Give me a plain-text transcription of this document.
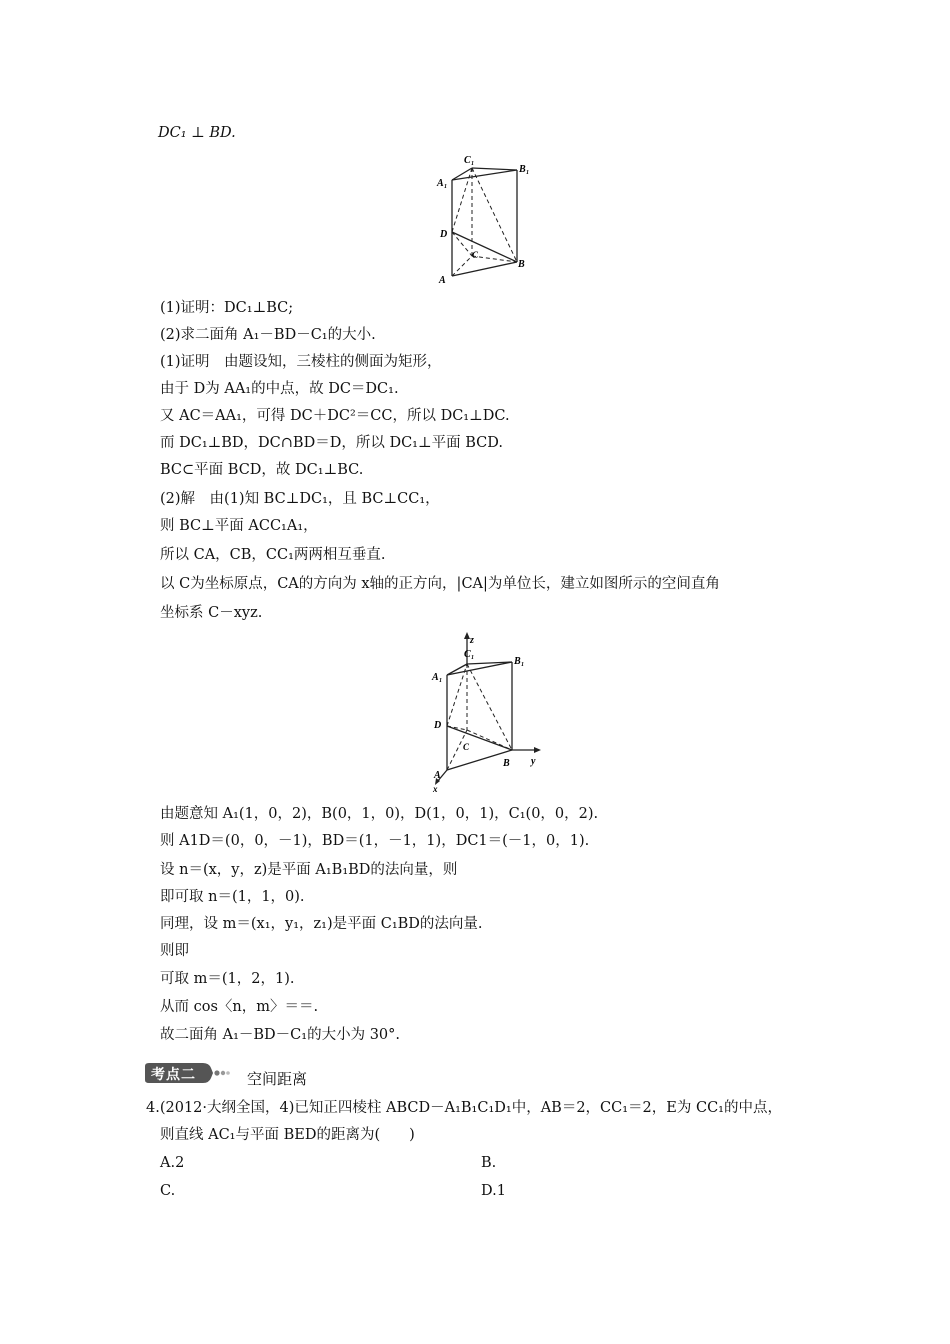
DC₁ ⊥ BD.
C 1	B 1
A 1
D
C
B
A
(1)证明：DC₁⊥BC;
(2)求二面角 A₁－BD－C₁的大小.
(1)证明　由题设知，三棱柱的侧面为矩形，
由于 D为 AA₁的中点，故 DC＝DC₁.
又 AC＝AA₁，可得 DC＋DC²＝CC，所以 DC₁⊥DC.
而 DC₁⊥BD，DC∩BD＝D，所以 DC₁⊥平面 BCD.
BC⊂平面 BCD，故 DC₁⊥BC.
(2)解　由(1)知 BC⊥DC₁，且 BC⊥CC₁，
则 BC⊥平面 ACC₁A₁，
所以 CA，CB，CC₁两两相互垂直.
以 C为坐标原点，CA的方向为 x轴的正方向，|CA|为单位长，建立如图所示的空间直角
坐标系 C－xyz.
z
C 1	B 1
A 1
D
C
B y
A
x
由题意知 A₁(1，0，2)，B(0，1，0)，D(1，0，1)，C₁(0，0，2).
则 A1D＝(0，0，－1)，BD＝(1，－1，1)，DC1＝(－1，0，1).
设 n＝(x，y，z)是平面 A₁B₁BD的法向量，则
即可取 n＝(1，1，0).
同理，设 m＝(x₁，y₁，z₁)是平面 C₁BD的法向量.
则即
可取 m＝(1，2，1).
从而 cos〈n，m〉＝＝.
故二面角 A₁－BD－C₁的大小为 30°.
考点二	空间距离
4.(2012·大纲全国，4)已知正四棱柱 ABCD－A₁B₁C₁D₁中，AB＝2，CC₁＝2，E为 CC₁的中点，
则直线 AC₁与平面 BED的距离为(　　)
A.2	B.
C.	D.1
